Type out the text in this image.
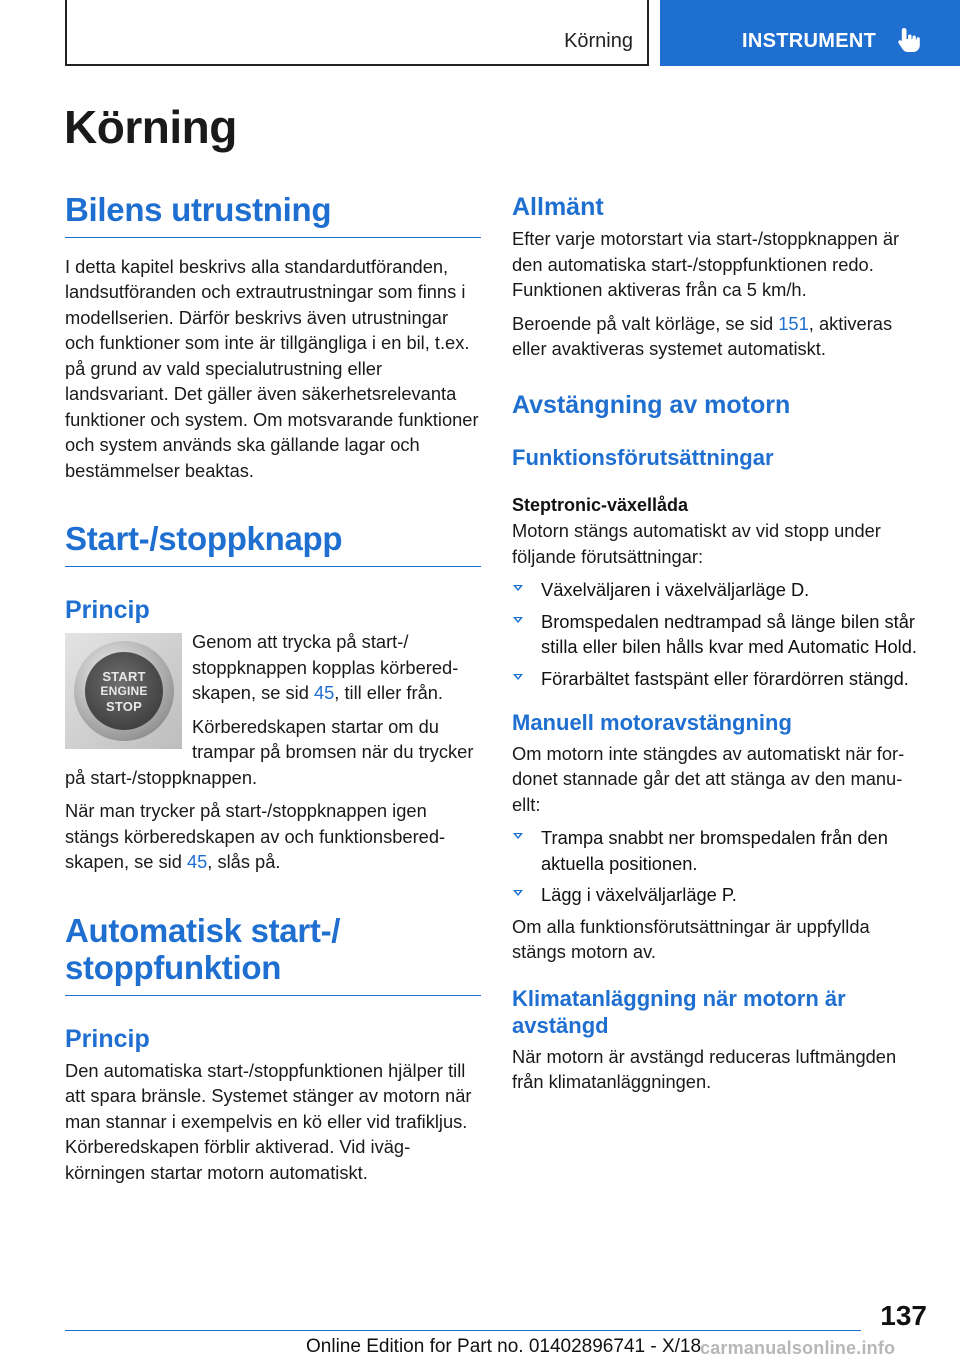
Körning	INSTRUMENT
Körning
Bilens utrustning

I detta kapitel beskrivs alla standardutföranden, landsutföranden och extrautrustningar som finns i modellserien. Därför beskrivs även utrustningar och funktioner som inte är tillgängliga i en bil, t.ex. på grund av vald specialutrustning eller landsvariant. Det gäller även säkerhetsrelevanta funktioner och system. Om motsvarande funktioner och system används ska gällande lagar och bestämmelser beaktas.

Start-/stoppknapp
Princip
START
ENGINE
STOP

Genom att trycka på start-/ stoppknappen kopplas körberedskapen, se sid 45, till eller från.

Körberedskapen startar om du trampar på bromsen när du trycker på start-/stoppknappen.

När man trycker på start-/stoppknappen igen stängs körberedskapen av och funktionsberedskapen, se sid 45, slås på.

Automatisk start-/ stoppfunktion
Princip

Den automatiska start-/stoppfunktionen hjälper till att spara bränsle. Systemet stänger av motorn när man stannar i exempelvis en kö eller vid trafikljus. Körberedskapen förblir aktiverad. Vid ivägkörningen startar motorn automatiskt.

Allmänt

Efter varje motorstart via start-/stoppknappen är den automatiska start-/stoppfunktionen redo. Funktionen aktiveras från ca 5 km/h.

Beroende på valt körläge, se sid 151, aktiveras eller avaktiveras systemet automatiskt.

Avstängning av motorn
Funktionsförutsättningar
Steptronic-växellåda

Motorn stängs automatiskt av vid stopp under följande förutsättningar:

Växelväljaren i växelväljarläge D.
Bromspedalen nedtrampad så länge bilen står stilla eller bilen hålls kvar med Automatic Hold.
Förarbältet fastspänt eller förardörren stängd.
Manuell motoravstängning

Om motorn inte stängdes av automatiskt när fordonet stannade går det att stänga av den manuellt:

Trampa snabbt ner bromspedalen från den aktuella positionen.
Lägg i växelväljarläge P.

Om alla funktionsförutsättningar är uppfyllda stängs motorn av.

Klimatanläggning när motorn är avstängd

När motorn är avstängd reduceras luftmängden från klimatanläggningen.

137
Online Edition for Part no. 01402896741 - X/18
carmanualsonline.info
